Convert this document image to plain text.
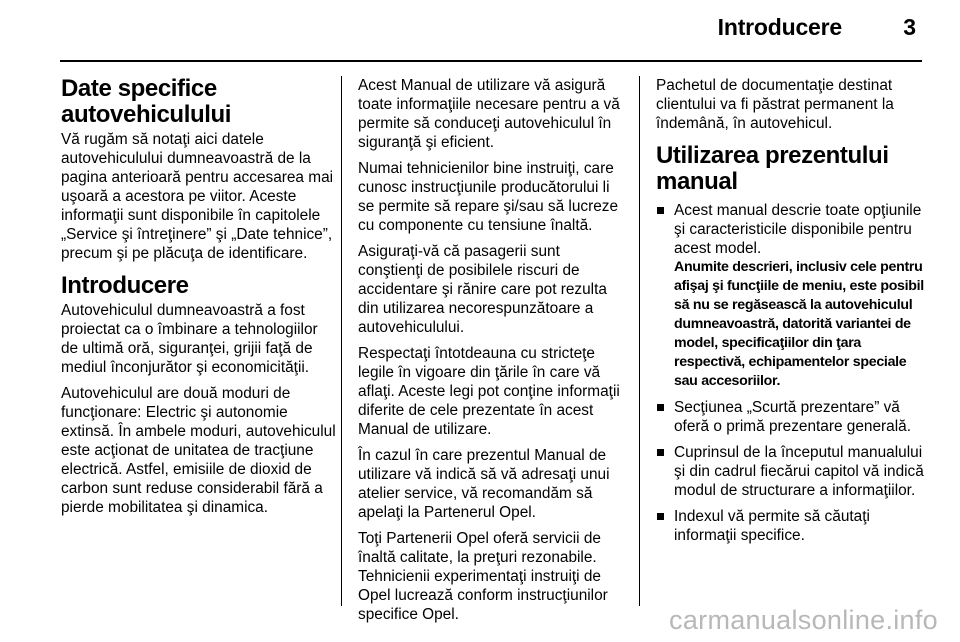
Introducere	3
Date specifice autovehiculului

Vă rugăm să notaţi aici datele autovehiculului dumneavoastră de la pagina anterioară pentru accesarea mai uşoară a acestora pe viitor. Aceste informaţii sunt disponibile în capitolele „Service şi întreţinere” şi „Date tehnice”, precum şi pe plăcuţa de identificare.

Introducere

Autovehiculul dumneavoastră a fost proiectat ca o îmbinare a tehnologiilor de ultimă oră, siguranţei, grijii faţă de mediul înconjurător şi economicităţii.

Autovehiculul are două moduri de funcţionare: Electric şi autonomie extinsă. În ambele moduri, autovehiculul este acţionat de unitatea de tracţiune electrică. Astfel, emisiile de dioxid de carbon sunt reduse considerabil fără a pierde mobilitatea şi dinamica.

Acest Manual de utilizare vă asigură toate informaţiile necesare pentru a vă permite să conduceţi autovehiculul în siguranţă şi eficient.

Numai tehnicienilor bine instruiţi, care cunosc instrucţiunile producătorului li se permite să repare şi/sau să lucreze cu componente cu tensiune înaltă.

Asiguraţi-vă că pasagerii sunt conştienţi de posibilele riscuri de accidentare şi rănire care pot rezulta din utilizarea necorespunzătoare a autovehiculului.

Respectaţi întotdeauna cu stricteţe legile în vigoare din ţările în care vă aflaţi. Aceste legi pot conţine informaţii diferite de cele prezentate în acest Manual de utilizare.

În cazul în care prezentul Manual de utilizare vă indică să vă adresaţi unui atelier service, vă recomandăm să apelaţi la Partenerul Opel.

Toţi Partenerii Opel oferă servicii de înaltă calitate, la preţuri rezonabile. Tehnicienii experimentaţi instruiţi de Opel lucrează conform instrucţiunilor specifice Opel.

Pachetul de documentaţie destinat clientului va fi păstrat permanent la îndemână, în autovehicul.

Utilizarea prezentului manual
Acest manual descrie toate opţiunile şi caracteristicile disponibile pentru acest model.
Anumite descrieri, inclusiv cele pentru afişaj şi funcţiile de meniu, este posibil să nu se regăsească la autovehiculul dumneavoastră, datorită variantei de model, specificaţiilor din ţara respectivă, echipamentelor speciale sau accesoriilor.
Secţiunea „Scurtă prezentare” vă oferă o primă prezentare generală.
Cuprinsul de la începutul manualului şi din cadrul fiecărui capitol vă indică modul de structurare a informaţiilor.
Indexul vă permite să căutaţi informaţii specifice.
carmanualsonline.info
